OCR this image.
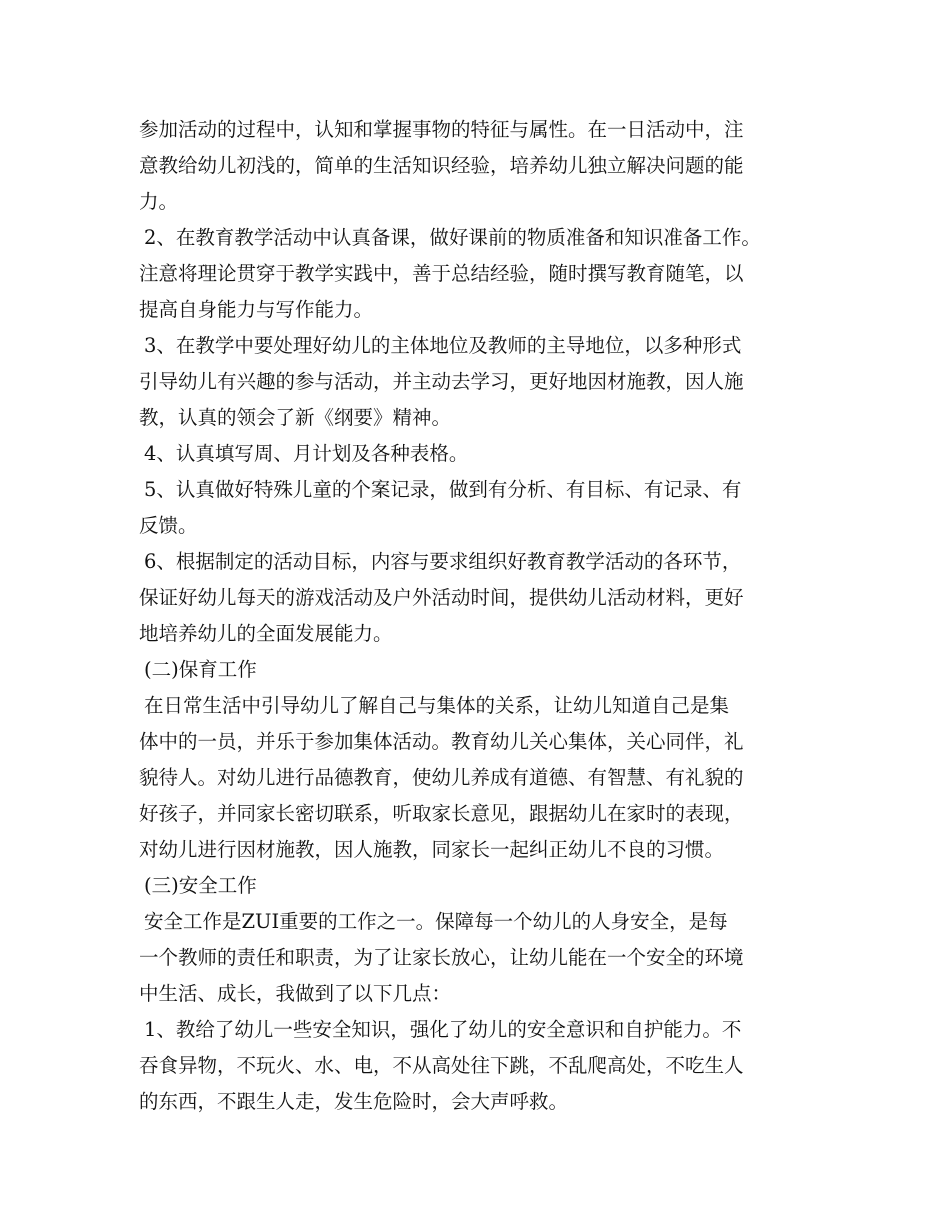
参加活动的过程中，认知和掌握事物的特征与属性。在一日活动中，注
意教给幼儿初浅的，简单的生活知识经验，培养幼儿独立解决问题的能
力。
2、在教育教学活动中认真备课，做好课前的物质准备和知识准备工作。
注意将理论贯穿于教学实践中，善于总结经验，随时撰写教育随笔，以
提高自身能力与写作能力。
3、在教学中要处理好幼儿的主体地位及教师的主导地位，以多种形式
引导幼儿有兴趣的参与活动，并主动去学习，更好地因材施教，因人施
教，认真的领会了新《纲要》精神。
4、认真填写周、月计划及各种表格。
5、认真做好特殊儿童的个案记录，做到有分析、有目标、有记录、有
反馈。
6、根据制定的活动目标，内容与要求组织好教育教学活动的各环节，
保证好幼儿每天的游戏活动及户外活动时间，提供幼儿活动材料，更好
地培养幼儿的全面发展能力。
(二)保育工作
在日常生活中引导幼儿了解自己与集体的关系，让幼儿知道自己是集
体中的一员，并乐于参加集体活动。教育幼儿关心集体，关心同伴，礼
貌待人。对幼儿进行品德教育，使幼儿养成有道德、有智慧、有礼貌的
好孩子，并同家长密切联系，听取家长意见，跟据幼儿在家时的表现，
对幼儿进行因材施教，因人施教，同家长一起纠正幼儿不良的习惯。
(三)安全工作
安全工作是ZUI重要的工作之一。保障每一个幼儿的人身安全，是每
一个教师的责任和职责，为了让家长放心，让幼儿能在一个安全的环境
中生活、成长，我做到了以下几点：
1、教给了幼儿一些安全知识，强化了幼儿的安全意识和自护能力。不
吞食异物，不玩火、水、电，不从高处往下跳，不乱爬高处，不吃生人
的东西，不跟生人走，发生危险时，会大声呼救。
